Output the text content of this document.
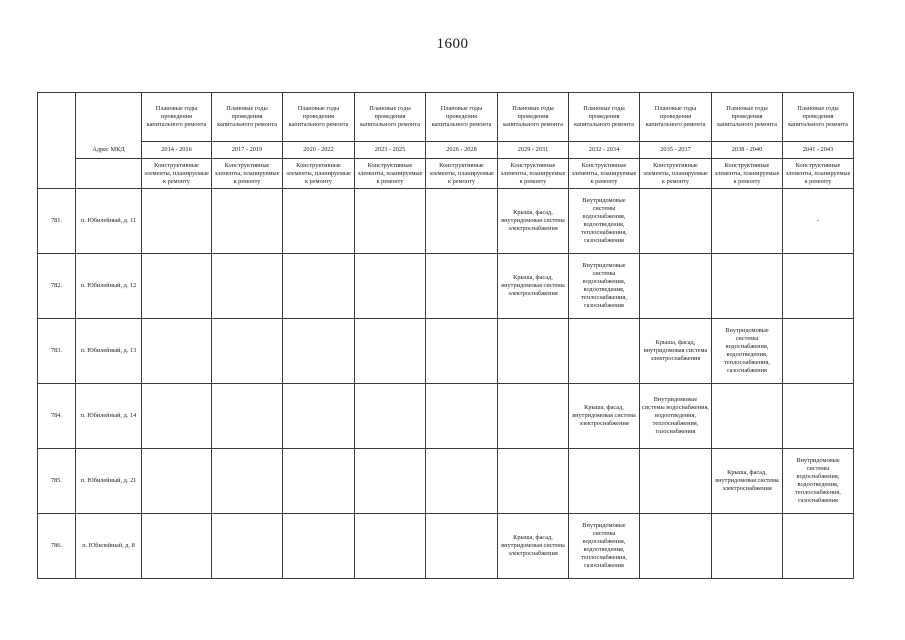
1600
	Адрес МКД	Плановые годы проведения капитального ремонта	Плановые годы проведения капитального ремонта	Плановые годы проведения капитального ремонта	Плановые годы проведения капитального ремонта	Плановые годы проведения капитального ремонта	Плановые годы проведения капитального ремонта	Плановые годы проведения капитального ремонта	Плановые годы проведения капитального ремонта	Плановые годы проведения капитального ремонта	Плановые годы проведения капитального ремонта
		2014 - 2016	2017 - 2019	2020 - 2022	2023 - 2025	2026 - 2028	2029 - 2031	2032 - 2034	2035 - 2037	2038 - 2040	2041 - 2043
		Конструктивные элементы, планируемые к ремонту	Конструктивные элементы, планируемые к ремонту	Конструктивные элементы, планируемые к ремонту	Конструктивные элементы, планируемые к ремонту	Конструктивные элементы, планируемые к ремонту	Конструктивные элементы, планируемые к ремонту	Конструктивные элементы, планируемые к ремонту	Конструктивные элементы, планируемые к ремонту	Конструктивные элементы, планируемые к ремонту	Конструктивные элементы, планируемые к ремонту
781.	п. Юбилейный, д. 11						Крыша, фасад, внутридомовая система электроснабжения	Внутридомовые системы водоснабжения, водоотведения, теплоснабжения, газоснабжения			-
782.	п. Юбилейный, д. 12						Крыша, фасад, внутридомовая система электроснабжения	Внутридомовые системы водоснабжения, водоотведения, теплоснабжения, газоснабжения			
783.	п. Юбилейный, д. 13								Крыша, фасад, внутридомовая система электроснабжения	Внутридомовые системы водоснабжения, водоотведения, теплоснабжения, газоснабжения	
784.	п. Юбилейный, д. 14							Крыша, фасад, внутридомовая система электроснабжения	Внутридомовые системы водоснабжения, водоотведения, теплоснабжения, газоснабжения		
785.	п. Юбилейный, д. 21									Крыша, фасад, внутридомовая система электроснабжения	Внутридомовые системы водоснабжения, водоотведения, теплоснабжения, газоснабжения
786.	п. Юбилейный, д. 8						Крыша, фасад, внутридомовая система электроснабжения	Внутридомовые системы водоснабжения, водоотведения, теплоснабжения, газоснабжения			
